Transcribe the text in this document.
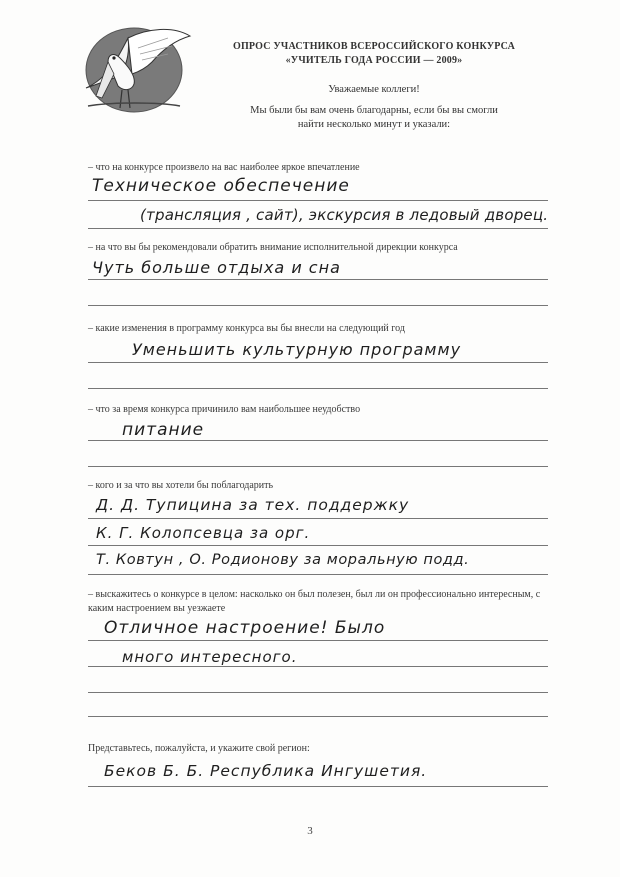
ОПРОС УЧАСТНИКОВ ВСЕРОССИЙСКОГО КОНКУРСА
«УЧИТЕЛЬ ГОДА РОССИИ — 2009»
Уважаемые коллеги!
Мы были бы вам очень благодарны, если бы вы смогли
найти несколько минут и указали:
– что на конкурсе произвело на вас наиболее яркое впечатление
Техническое обеспечение
(трансляция , сайт), экскурсия в ледовый дворец.
– на что вы бы рекомендовали обратить внимание исполнительной дирекции конкурса
Чуть больше отдыха и сна
– какие изменения в программу конкурса вы бы внесли на следующий год
Уменьшить культурную программу
– что за время конкурса причинило вам наибольшее неудобство
питание
– кого и за что вы хотели бы поблагодарить
Д. Д. Тупицина за тех. поддержку
К. Г. Колопсевца за орг.
Т. Ковтун , О. Родионову за моральную подд.
– выскажитесь о конкурсе в целом: насколько он был полезен, был ли он профессионально интересным, с каким настроением вы уезжаете
Отличное настроение! Было
много интересного.
Представьтесь, пожалуйста, и укажите свой регион:
Беков Б. Б. Республика Ингушетия.
3
